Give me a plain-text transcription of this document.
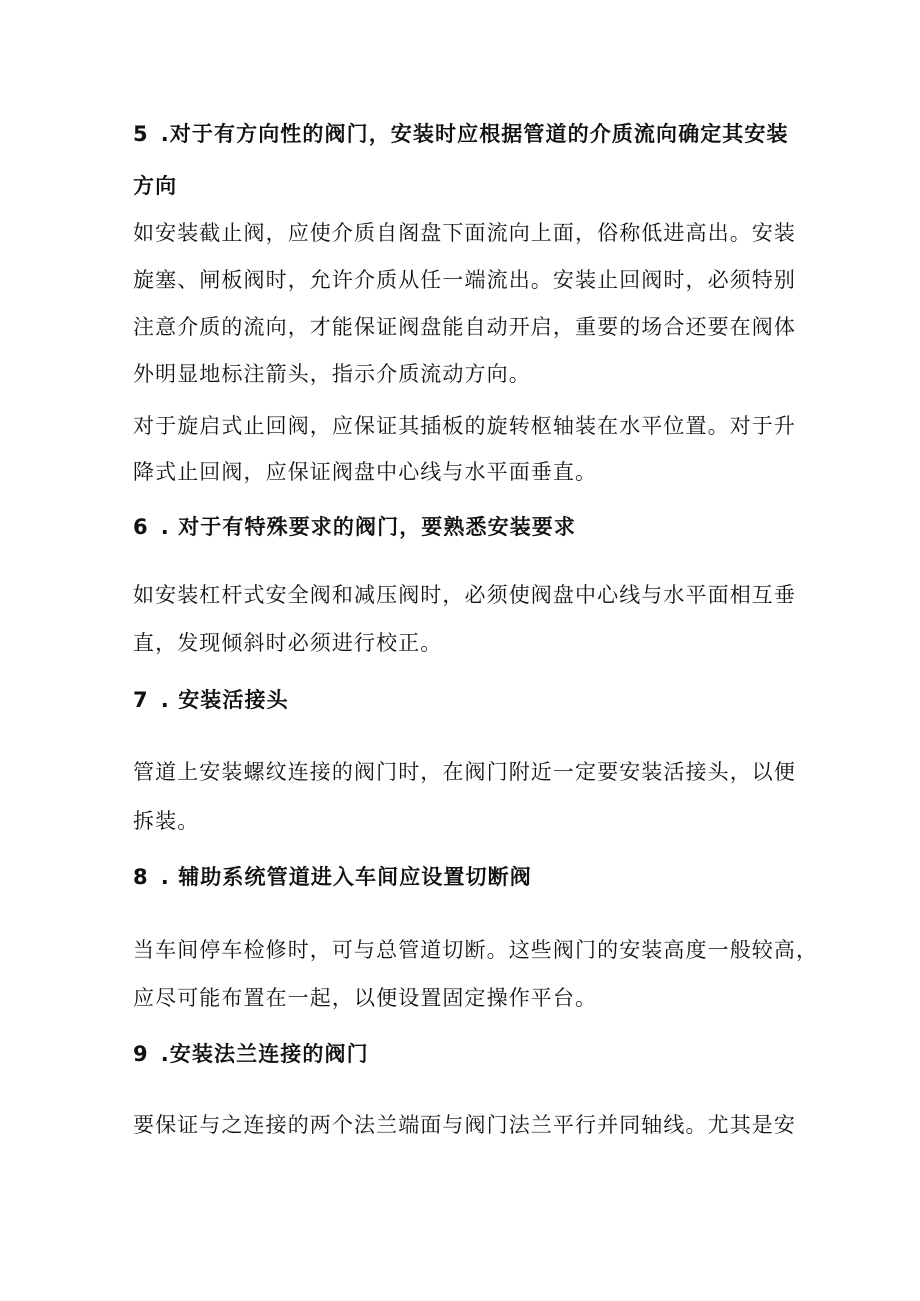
5 .对于有方向性的阀门，安装时应根据管道的介质流向确定其安装
方向
如安装截止阀，应使介质自阁盘下面流向上面，俗称低进高出。安装
旋塞、闸板阀时，允许介质从任一端流出。安装止回阀时，必须特别
注意介质的流向，才能保证阀盘能自动开启，重要的场合还要在阀体
外明显地标注箭头，指示介质流动方向。
对于旋启式止回阀，应保证其插板的旋转枢轴装在水平位置。对于升
降式止回阀，应保证阀盘中心线与水平面垂直。
6 . 对于有特殊要求的阀门，要熟悉安装要求
如安装杠杆式安全阀和减压阀时，必须使阀盘中心线与水平面相互垂
直，发现倾斜时必须进行校正。
7 . 安装活接头
管道上安装螺纹连接的阀门时，在阀门附近一定要安装活接头，以便
拆装。
8 . 辅助系统管道进入车间应设置切断阀
当车间停车检修时，可与总管道切断。这些阀门的安装高度一般较高，
应尽可能布置在一起，以便设置固定操作平台。
9 .安装法兰连接的阀门
要保证与之连接的两个法兰端面与阀门法兰平行并同轴线。尤其是安
